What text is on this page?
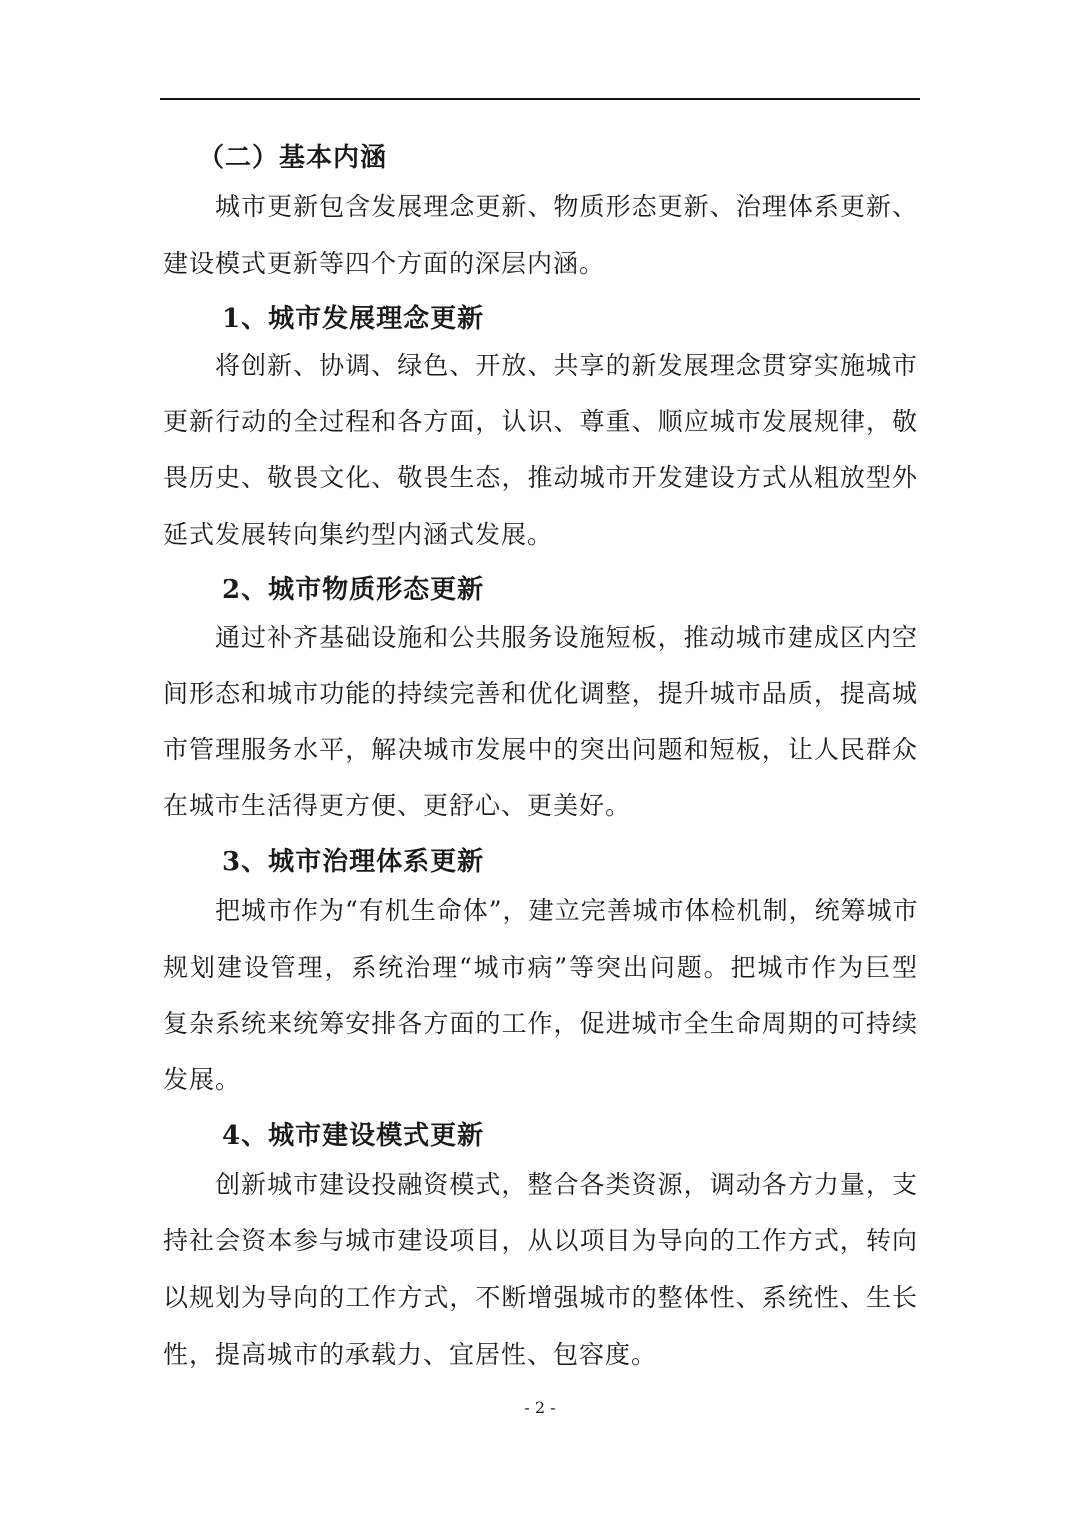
（二）基本内涵
城市更新包含发展理念更新、物质形态更新、治理体系更新、
建设模式更新等四个方面的深层内涵。
1、城市发展理念更新
将创新、协调、绿色、开放、共享的新发展理念贯穿实施城市
更新行动的全过程和各方面，认识、尊重、顺应城市发展规律，敬
畏历史、敬畏文化、敬畏生态，推动城市开发建设方式从粗放型外
延式发展转向集约型内涵式发展。
2、城市物质形态更新
通过补齐基础设施和公共服务设施短板，推动城市建成区内空
间形态和城市功能的持续完善和优化调整，提升城市品质，提高城
市管理服务水平，解决城市发展中的突出问题和短板，让人民群众
在城市生活得更方便、更舒心、更美好。
3、城市治理体系更新
把城市作为“有机生命体”，建立完善城市体检机制，统筹城市
规划建设管理，系统治理“城市病”等突出问题。把城市作为巨型
复杂系统来统筹安排各方面的工作，促进城市全生命周期的可持续
发展。
4、城市建设模式更新
创新城市建设投融资模式，整合各类资源，调动各方力量，支
持社会资本参与城市建设项目，从以项目为导向的工作方式，转向
以规划为导向的工作方式，不断增强城市的整体性、系统性、生长
性，提高城市的承载力、宜居性、包容度。
- 2 -
